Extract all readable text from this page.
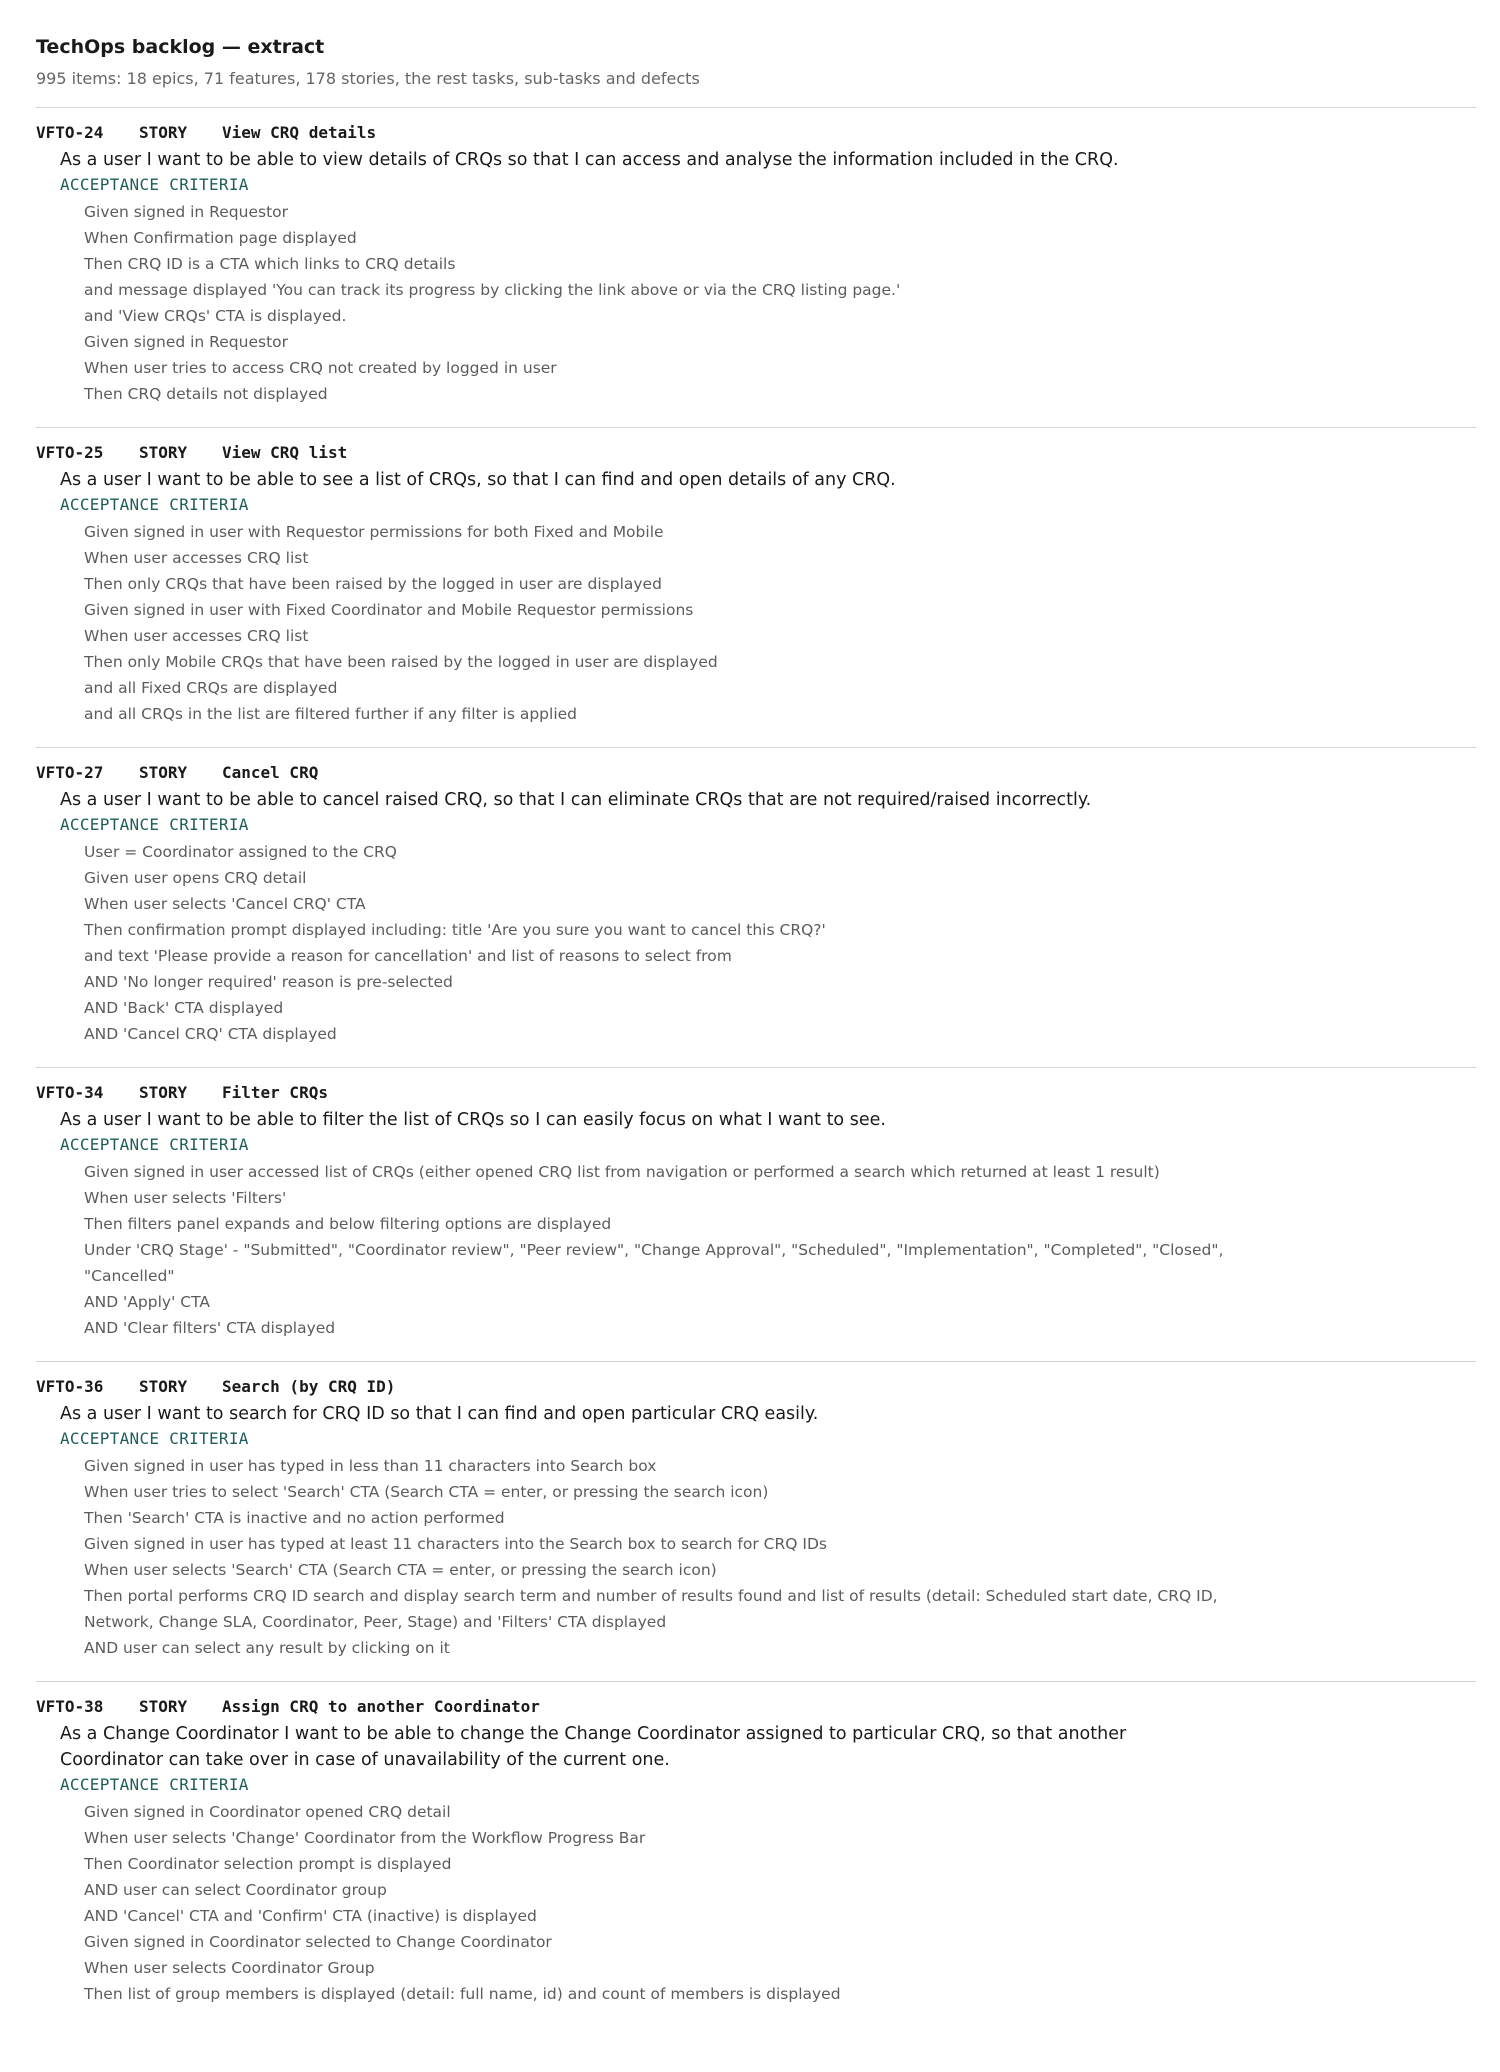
TechOps backlog — extract
995 items: 18 epics, 71 features, 178 stories, the rest tasks, sub-tasks and defects
VFTO-24 STORY View CRQ details
As a user I want to be able to view details of CRQs so that I can access and analyse the information included in the CRQ.
ACCEPTANCE CRITERIA
Given signed in Requestor
When Confirmation page displayed
Then CRQ ID is a CTA which links to CRQ details
and message displayed 'You can track its progress by clicking the link above or via the CRQ listing page.'
and 'View CRQs' CTA is displayed.
Given signed in Requestor
When user tries to access CRQ not created by logged in user
Then CRQ details not displayed
VFTO-25 STORY View CRQ list
As a user I want to be able to see a list of CRQs, so that I can find and open details of any CRQ.
ACCEPTANCE CRITERIA
Given signed in user with Requestor permissions for both Fixed and Mobile
When user accesses CRQ list
Then only CRQs that have been raised by the logged in user are displayed
Given signed in user with Fixed Coordinator and Mobile Requestor permissions
When user accesses CRQ list
Then only Mobile CRQs that have been raised by the logged in user are displayed
and all Fixed CRQs are displayed
and all CRQs in the list are filtered further if any filter is applied
VFTO-27 STORY Cancel CRQ
As a user I want to be able to cancel raised CRQ, so that I can eliminate CRQs that are not required/raised incorrectly.
ACCEPTANCE CRITERIA
User = Coordinator assigned to the CRQ
Given user opens CRQ detail
When user selects 'Cancel CRQ' CTA
Then confirmation prompt displayed including: title 'Are you sure you want to cancel this CRQ?'
and text 'Please provide a reason for cancellation' and list of reasons to select from
AND 'No longer required' reason is pre-selected
AND 'Back' CTA displayed
AND 'Cancel CRQ' CTA displayed
VFTO-34 STORY Filter CRQs
As a user I want to be able to filter the list of CRQs so I can easily focus on what I want to see.
ACCEPTANCE CRITERIA
Given signed in user accessed list of CRQs (either opened CRQ list from navigation or performed a search which returned at least 1 result)
When user selects 'Filters'
Then filters panel expands and below filtering options are displayed
Under 'CRQ Stage' - "Submitted", "Coordinator review", "Peer review", "Change Approval", "Scheduled", "Implementation", "Completed", "Closed", "Cancelled"
AND 'Apply' CTA
AND 'Clear filters' CTA displayed
VFTO-36 STORY Search (by CRQ ID)
As a user I want to search for CRQ ID so that I can find and open particular CRQ easily.
ACCEPTANCE CRITERIA
Given signed in user has typed in less than 11 characters into Search box
When user tries to select 'Search' CTA (Search CTA = enter, or pressing the search icon)
Then 'Search' CTA is inactive and no action performed
Given signed in user has typed at least 11 characters into the Search box to search for CRQ IDs
When user selects 'Search' CTA (Search CTA = enter, or pressing the search icon)
Then portal performs CRQ ID search and display search term and number of results found and list of results (detail: Scheduled start date, CRQ ID, Network, Change SLA, Coordinator, Peer, Stage) and 'Filters' CTA displayed
AND user can select any result by clicking on it
VFTO-38 STORY Assign CRQ to another Coordinator
As a Change Coordinator I want to be able to change the Change Coordinator assigned to particular CRQ, so that another Coordinator can take over in case of unavailability of the current one.
ACCEPTANCE CRITERIA
Given signed in Coordinator opened CRQ detail
When user selects 'Change' Coordinator from the Workflow Progress Bar
Then Coordinator selection prompt is displayed
AND user can select Coordinator group
AND 'Cancel' CTA and 'Confirm' CTA (inactive) is displayed
Given signed in Coordinator selected to Change Coordinator
When user selects Coordinator Group
Then list of group members is displayed (detail: full name, id) and count of members is displayed
